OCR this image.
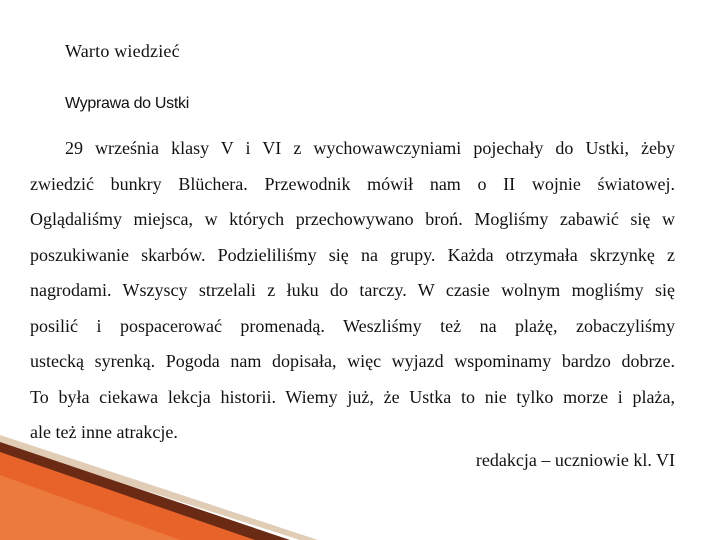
Warto wiedzieć
Wyprawa do Ustki
29 września klasy V i VI z wychowawczyniami pojechały do Ustki, żeby
zwiedzić bunkry Blüchera. Przewodnik mówił nam o II wojnie światowej.
Oglądaliśmy miejsca, w których przechowywano broń. Mogliśmy zabawić się w
poszukiwanie skarbów. Podzieliliśmy się na grupy. Każda otrzymała skrzynkę z
nagrodami. Wszyscy strzelali z łuku do tarczy. W czasie wolnym mogliśmy się
posilić i pospacerować promenadą. Weszliśmy też na plażę, zobaczyliśmy
ustecką syrenką. Pogoda nam dopisała, więc wyjazd wspominamy bardzo dobrze.
To była ciekawa lekcja historii. Wiemy już, że Ustka to nie tylko morze i plaża,
ale też inne atrakcje.
redakcja – uczniowie kl. VI
